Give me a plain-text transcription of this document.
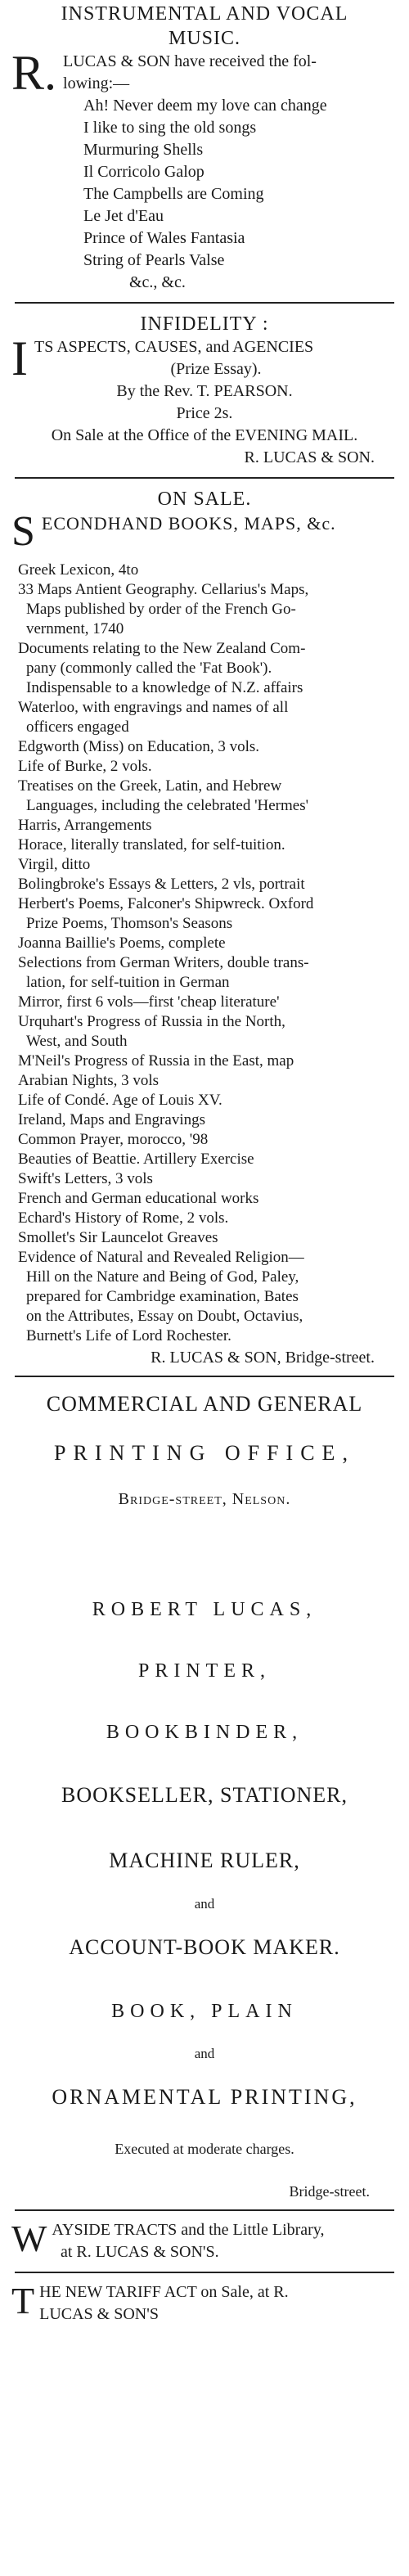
INSTRUMENTAL AND VOCAL
MUSIC.
R. LUCAS & SON have received the fol-
lowing:—
Ah! Never deem my love can change
I like to sing the old songs
Murmuring Shells
Il Corricolo Galop
The Campbells are Coming
Le Jet d'Eau
Prince of Wales Fantasia
String of Pearls Valse
&c., &c.
INFIDELITY :
I TS ASPECTS, CAUSES, and AGENCIES
(Prize Essay).
By the Rev. T. PEARSON.
Price 2s.
On Sale at the Office of the EVENING MAIL.
R. LUCAS & SON.
ON SALE.
S ECONDHAND BOOKS, MAPS, &c.
Greek Lexicon, 4to
33 Maps Antient Geography. Cellarius's Maps,
Maps published by order of the French Go-
vernment, 1740
Documents relating to the New Zealand Com-
pany (commonly called the 'Fat Book').
Indispensable to a knowledge of N.Z. affairs
Waterloo, with engravings and names of all
officers engaged
Edgworth (Miss) on Education, 3 vols.
Life of Burke, 2 vols.
Treatises on the Greek, Latin, and Hebrew
Languages, including the celebrated 'Hermes'
Harris, Arrangements
Horace, literally translated, for self-tuition.
Virgil, ditto
Bolingbroke's Essays & Letters, 2 vls, portrait
Herbert's Poems, Falconer's Shipwreck. Oxford
Prize Poems, Thomson's Seasons
Joanna Baillie's Poems, complete
Selections from German Writers, double trans-
lation, for self-tuition in German
Mirror, first 6 vols—first 'cheap literature'
Urquhart's Progress of Russia in the North,
West, and South
M'Neil's Progress of Russia in the East, map
Arabian Nights, 3 vols
Life of Condé. Age of Louis XV.
Ireland, Maps and Engravings
Common Prayer, morocco, '98
Beauties of Beattie. Artillery Exercise
Swift's Letters, 3 vols
French and German educational works
Echard's History of Rome, 2 vols.
Smollet's Sir Launcelot Greaves
Evidence of Natural and Revealed Religion—
Hill on the Nature and Being of God, Paley,
prepared for Cambridge examination, Bates
on the Attributes, Essay on Doubt, Octavius,
Burnett's Life of Lord Rochester.
R. LUCAS & SON, Bridge-street.
COMMERCIAL AND GENERAL
PRINTING OFFICE,
Bridge-street, Nelson.
ROBERT LUCAS,
PRINTER,
BOOKBINDER,
BOOKSELLER, STATIONER,
MACHINE RULER,
and
ACCOUNT-BOOK MAKER.
BOOK, PLAIN
and
ORNAMENTAL PRINTING,
Executed at moderate charges.
Bridge-street.
W AYSIDE TRACTS and the Little Library,
at R. LUCAS & SON'S.
T HE NEW TARIFF ACT on Sale, at R.
LUCAS & SON'S
